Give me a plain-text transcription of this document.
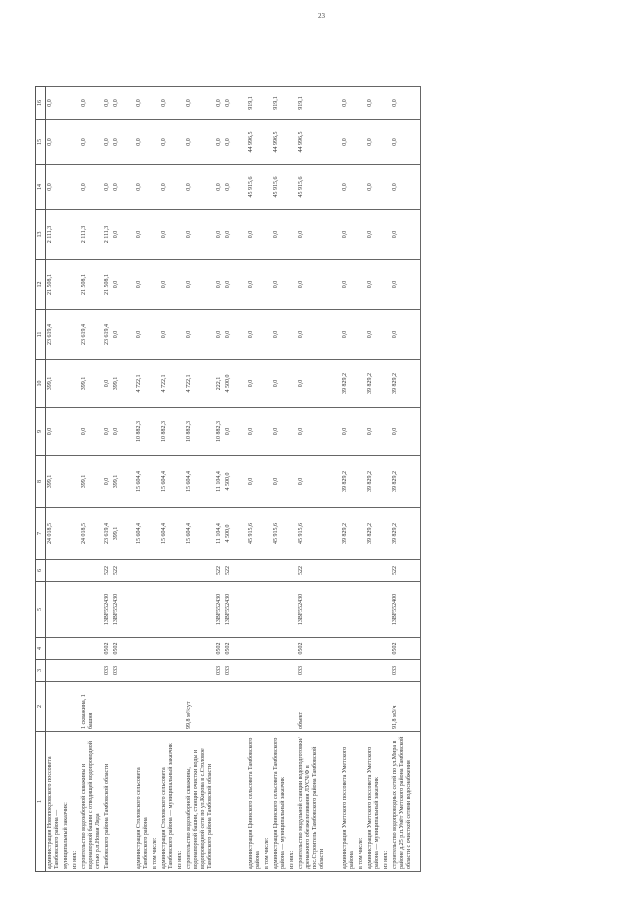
23
1	2	3	4	5	6	7	8	9	10	11	12	13	14	15	16
администрация Новопокровского поссовета Тамбовского района —						24 018,5	399,1	0,0	399,1	23 619,4	21 508,1	2 111,3	0,0	0,0	0,0
муниципальный заказчик:															
из них:															
строительство водозаборной скважины и водонапорной башни с отводящей водопроводной сетью р.п.Новая Ляда	1 скважина, 1 башня					24 018,5	399,1	0,0	399,1	23 619,4	21 508,1	2 111,3	0,0	0,0	0,0
Тамбовского района Тамбовской области		033	0502	13ВF552430	522	23 619,4	0,0	0,0	0,0	23 619,4	21 508,1	2 111,3	0,0	0,0	0,0
		033	0502	13ВF552430	522	399,1	399,1	0,0	399,1	0,0	0,0	0,0	0,0	0,0	0,0

администрация Столовского сельсовета Тамбовского района						15 604,4	15 604,4	10 882,3	4 722,1	0,0	0,0	0,0	0,0	0,0	0,0
в том числе:															
администрация Столовского сельсовета Тамбовского района — муниципальный заказчик						15 604,4	15 604,4	10 882,3	4 722,1	0,0	0,0	0,0	0,0	0,0	0,0
из них:															
строительство водозаборной скважины, водонапорной башни, станции очистки воды и водопроводной сети по ул.Кирова в с.Столовое Тамбовского района Тамбовской области	99,8 м³/сут					15 604,4	15 604,4	10 882,3	4 722,1	0,0	0,0	0,0	0,0	0,0	0,0
		033	0502	13ВF552430	522	11 104,4	11 104,4	10 882,3	222,1	0,0	0,0	0,0	0,0	0,0	0,0
		033	0502	13ВF552430	522	4 500,0	4 500,0	0,0	4 500,0	0,0	0,0	0,0	0,0	0,0	0,0

администрация Цнинского сельсовета Тамбовского района						45 915,6	0,0	0,0	0,0	0,0	0,0	0,0	45 915,6	44 996,5	919,1
в том числе:															
администрация Цнинского сельсовета Тамбовского района — муниципальный заказчик						45 915,6	0,0	0,0	0,0	0,0	0,0	0,0	45 915,6	44 996,5	919,1
из них:															
строительство модульной станции водоподготовки/дренажного обезжелезивания ЛУСЧ/Ф в пос.Строитель Тамбовского района Тамбовской области	объект	033	0502	13ВF552430	522	45 915,6	0,0	0,0	0,0	0,0	0,0	0,0	45 915,6	44 996,5	919,1

администрация Уметского поссовета Уметского района						39 829,2	39 829,2	0,0	39 829,2	0,0	0,0	0,0	0,0	0,0	0,0
в том числе:															
администрация Уметского поссовета Уметского района — муниципальный заказчик						39 829,2	39 829,2	0,0	39 829,2	0,0	0,0	0,0	0,0	0,0	0,0
из них:															
строительство водопроводных сетей по ул.Мира в районе д.25 р.п.Умёт Уметского района Тамбовской области с очисткой сетями водоснабжения	91,8 м3/ч	033	0502	13ВF552400	522	39 829,2	39 829,2	0,0	39 829,2	0,0	0,0	0,0	0,0	0,0	0,0
